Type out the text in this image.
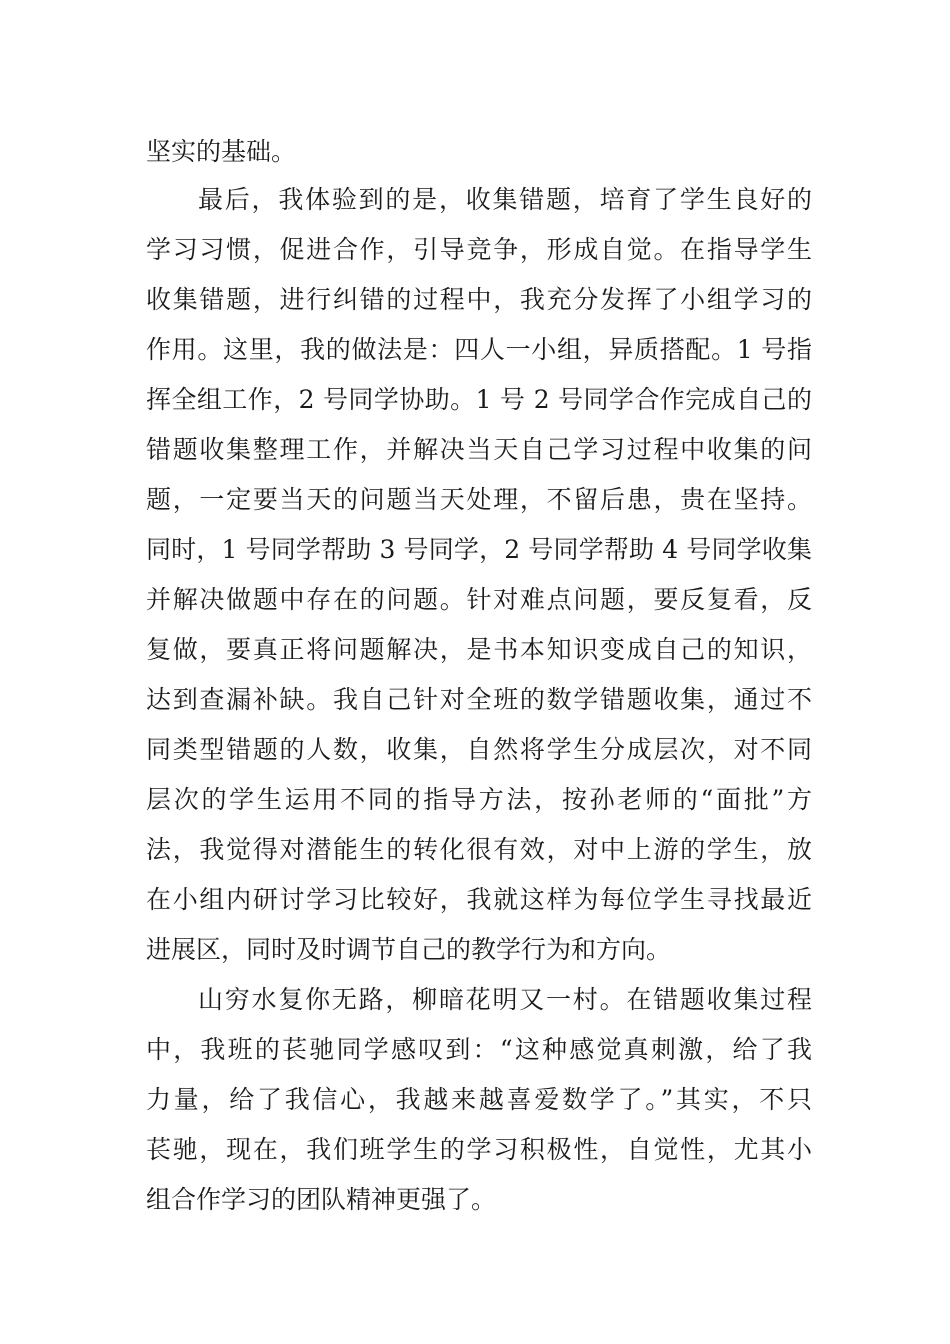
坚实的基础。
最后，我体验到的是，收集错题，培育了学生良好的
学习习惯，促进合作，引导竞争，形成自觉。在指导学生
收集错题，进行纠错的过程中，我充分发挥了小组学习的
作用。这里，我的做法是：四人一小组，异质搭配。1 号指
挥全组工作，2 号同学协助。1 号 2 号同学合作完成自己的
错题收集整理工作，并解决当天自己学习过程中收集的问
题，一定要当天的问题当天处理，不留后患，贵在坚持。
同时，1 号同学帮助 3 号同学，2 号同学帮助 4 号同学收集
并解决做题中存在的问题。针对难点问题，要反复看，反
复做，要真正将问题解决，是书本知识变成自己的知识，
达到查漏补缺。我自己针对全班的数学错题收集，通过不
同类型错题的人数，收集，自然将学生分成层次，对不同
层次的学生运用不同的指导方法，按孙老师的“面批”方
法，我觉得对潜能生的转化很有效，对中上游的学生，放
在小组内研讨学习比较好，我就这样为每位学生寻找最近
进展区，同时及时调节自己的教学行为和方向。
山穷水复你无路，柳暗花明又一村。在错题收集过程
中，我班的苌驰同学感叹到：“这种感觉真刺激，给了我
力量，给了我信心，我越来越喜爱数学了。”其实，不只
苌驰，现在，我们班学生的学习积极性，自觉性，尤其小
组合作学习的团队精神更强了。
